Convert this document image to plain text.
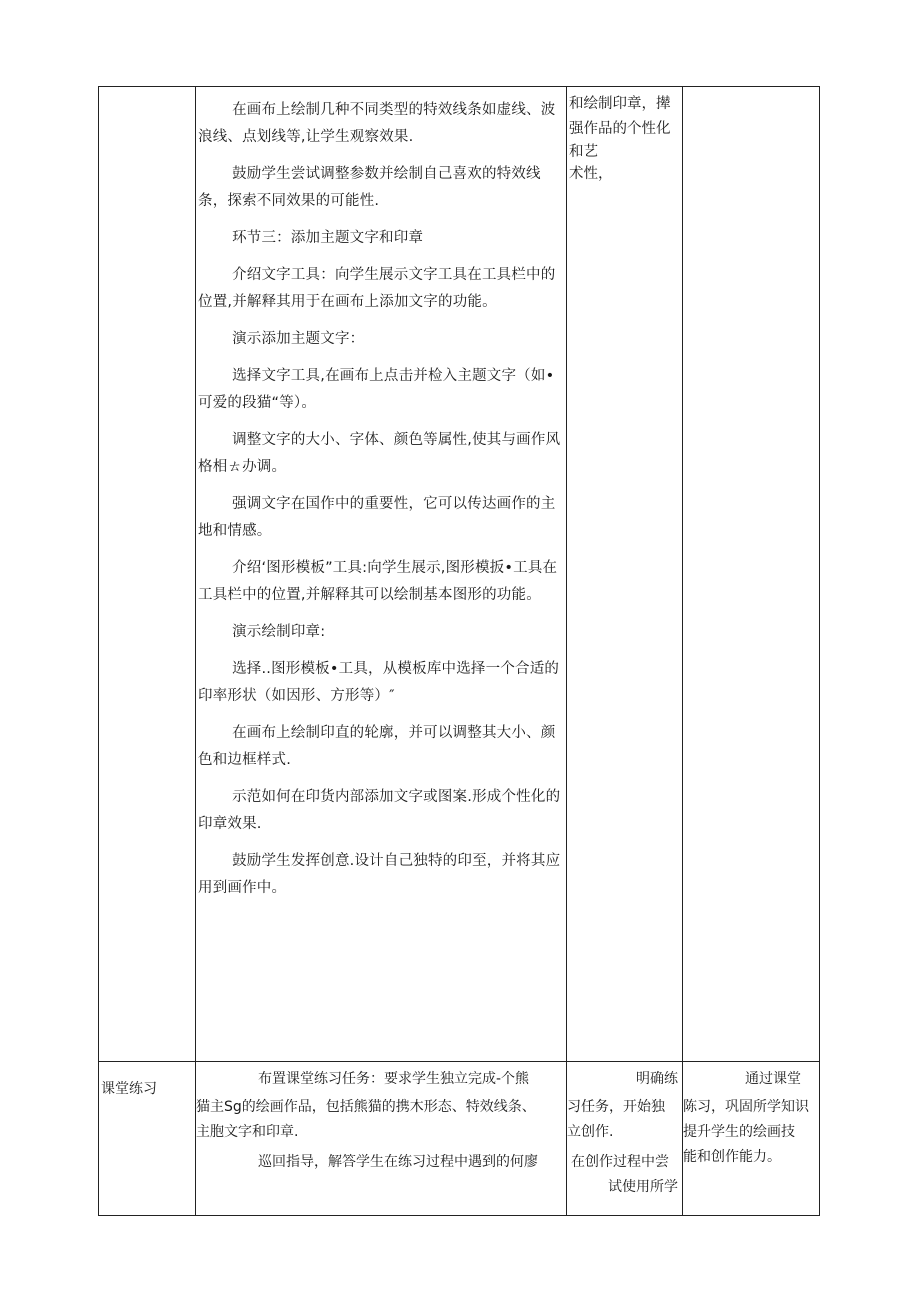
在画布上绘制几种不同类型的特效线条如虚线、波浪线、点划线等,让学生观察效果.

鼓励学生尝试调整参数并绘制自己喜欢的特效线条，探索不同效果的可能性.

环节三：添加主题文字和印章

介绍文字工具：向学生展示文字工具在工具栏中的位置,并解释其用于在画布上添加文字的功能。

演示添加主题文字：

选择文字工具,在画布上点击并检入主题文字（如•可爱的段猫“等）。

调整文字的大小、字体、颜色等属性,使其与画作风格相ㄊ办调。

强调文字在国作中的重要性，它可以传达画作的主地和情感。

介绍‘图形模板”工具:向学生展示,图形模扳•工具在工具栏中的位置,并解释其可以绘制基本图形的功能。

演示绘制印章:

选择..图形模板•工具，从模板库中选择一个合适的印率形状（如因形、方形等）″

在画布上绘制印直的轮廓，并可以调整其大小、颜色和边框样式.

示范如何在印货内部添加文字或图案.形成个性化的印章效果.

鼓励学生发挥创意.设计自己独特的印至，并将其应用到画作中。

和绘制印章，撵

强作品的个性化

和艺

术性，

课堂练习

布置课堂练习任务：要求学生独立完成-个熊

猫主Sg的绘画作品，包括熊猫的携木形态、特效线条、

主胞文字和印章.

巡回指导，解答学生在练习过程中遇到的何廖

明确练

习任务，开始独

立创作.

在创作过程中尝

试使用所学

通过课堂

陈习，巩固所学知识

提升学生的绘画技

能和创作能力。
